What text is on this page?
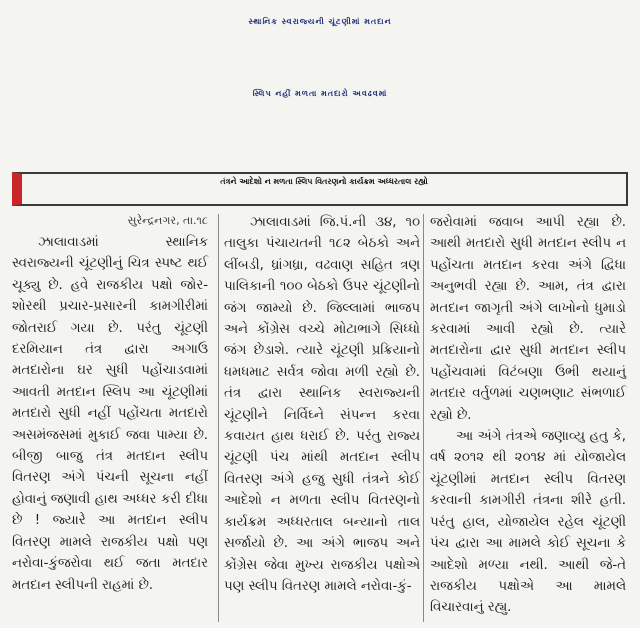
સ્થાનિક સ્વરાજ્યની ચૂંટણીમાં મતદાન
સ્લિપ નહીં મળતા મતદારો અવઢવમાં
તંત્રને આદેશો ન મળતા સ્લિપ વિતરણનો કાર્યક્રમ અધ્ધરતાલ રહ્યો
સુરેન્દ્રનગર, તા.૧૮

ઝાલાવાડમાં સ્થાનિક સ્વરાજ્યની ચૂંટણીનું ચિત્ર સ્પષ્ટ થઈ ચૂક્યુ છે. હવે રાજકીય પક્ષો જોર-શોરથી પ્રચાર-પ્રસારની કામગીરીમાં જોતરાઈ ગયા છે. પરંતુ ચૂંટણી દરમિયાન તંત્ર દ્વારા અગાઉ મતદારોના ઘર સુધી પહોંચાડવામાં આવતી મતદાન સ્લિપ આ ચૂંટણીમાં મતદારો સુધી નહીં પહોંચતા મતદારો અસમંજસમાં મુકાઈ જવા પામ્યા છે. બીજી બાજુ તંત્ર મતદાન સ્લીપ વિતરણ અંગે પંચની સૂચના નહીં હોવાનું જણાવી હાથ અધ્ધર કરી દીધા છે ! જ્યારે આ મતદાન સ્લીપ વિતરણ મામલે રાજકીય પક્ષો પણ નરોવા-કુંજરોવા થઈ જતા મતદાર મતદાન સ્લીપની રાહમાં છે.

ઝાલાવાડમાં જિ.પં.ની ૩૪, ૧૦ તાલુકા પંચાયતની ૧૮૨ બેઠકો અને લીંબડી, ધ્રાંગધ્રા, વઢવાણ સહિત ત્રણ પાલિકાની ૧૦૦ બેઠકો ઉપર ચૂંટણીનો જંગ જામ્યો છે. જિલ્લામાં ભાજપ અને કોંગ્રેસ વચ્ચે મોટાભાગે સિધ્ધો જંગ છેડાશે. ત્યારે ચૂંટણી પ્રક્રિયાનો ધમધમાટ સર્વત્ર જોવા મળી રહ્યો છે. તંત્ર દ્વારા સ્થાનિક સ્વરાજ્યની ચૂંટણીને નિર્વિઘ્ને સંપન્ન કરવા કવાયત હાથ ધરાઈ છે. પરંતુ રાજ્ય ચૂંટણી પંચ માંથી મતદાન સ્લીપ વિતરણ અંગે હજુ સુધી તંત્રને કોઈ આદેશો ન મળતા સ્લીપ વિતરણનો કાર્યક્રમ અધ્ધરતાલ બન્યાનો તાલ સર્જાયો છે. આ અંગે ભાજપ અને કોંગ્રેસ જેવા મુખ્ય રાજકીય પક્ષોએ પણ સ્લીપ વિતરણ મામલે નરોવા-કું-

જરોવામાં જવાબ આપી રહ્યા છે. આથી મતદારો સુધી મતદાન સ્લીપ ન પહોંચતા મતદાન કરવા અંગે દ્વિધા અનુભવી રહ્યા છે. આમ, તંત્ર દ્વારા મતદાન જાગૃતી અંગે લાખોનો ધુમાડો કરવામાં આવી રહ્યો છે. ત્યારે મતદારોના દ્વાર સુધી મતદાન સ્લીપ પહોંચવામાં વિટંબણા ઉભી થયાનું મતદાર વર્તુળમાં ચણભણાટ સંભળાઈ રહ્યો છે.

આ અંગે તંત્રએ જણાવ્યુ હતુ કે, વર્ષ ૨૦૧૨ થી ૨૦૧૪ માં યોજાયેલ ચૂંટણીમાં મતદાન સ્લીપ વિતરણ કરવાની કામગીરી તંત્રના શીરે હતી. પરંતુ હાલ, યોજાયેલ રહેલ ચૂંટણી પંચ દ્વારા આ મામલે કોઈ સૂચના કે આદેશો મળ્યા નથી. આથી જે-તે રાજકીય પક્ષોએ આ મામલે વિચારવાનું રહ્યુ.
